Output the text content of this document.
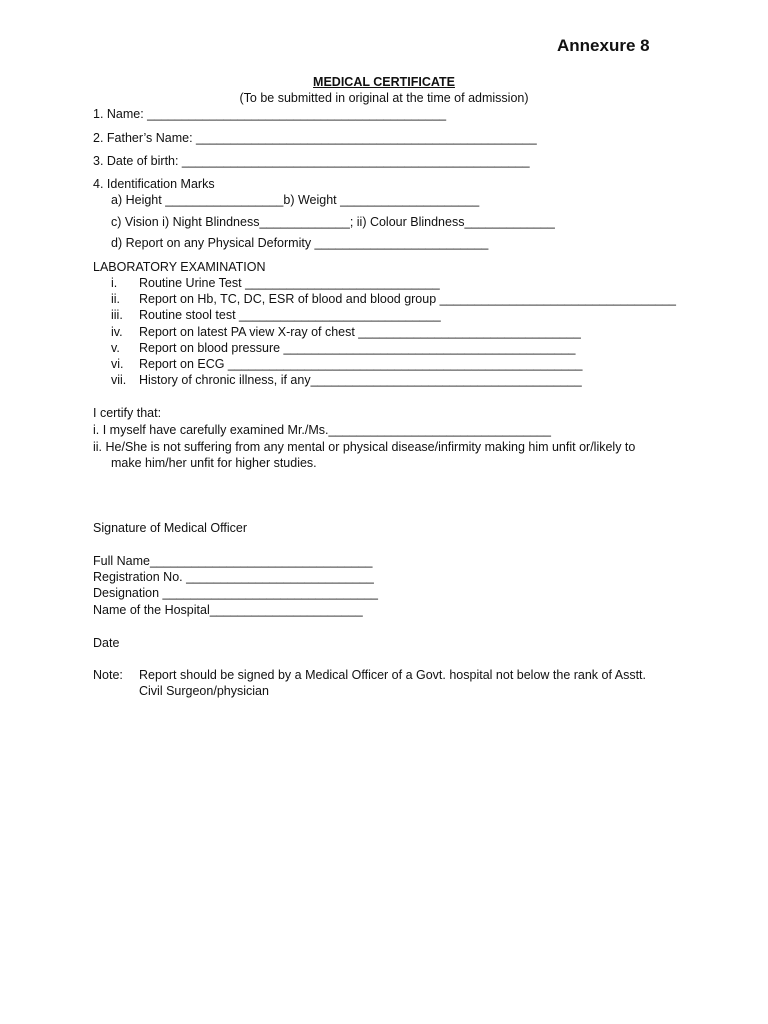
Annexure 8
MEDICAL CERTIFICATE
(To be submitted in original at the time of admission)
1. Name: ___________________________________________
2. Father’s Name: _________________________________________________
3. Date of birth: __________________________________________________
4. Identification Marks
a) Height _________________b) Weight ____________________
c) Vision i) Night Blindness_____________; ii) Colour Blindness_____________
d) Report on any Physical Deformity _________________________
LABORATORY EXAMINATION
i. Routine Urine Test ____________________________
ii. Report on Hb, TC, DC, ESR of blood and blood group __________________________________
iii. Routine stool test _____________________________
iv. Report on latest PA view X-ray of chest ________________________________
v. Report on blood pressure __________________________________________
vi. Report on ECG ___________________________________________________
vii. History of chronic illness, if any_______________________________________
I certify that:
i. I myself have carefully examined Mr./Ms.________________________________
ii. He/She is not suffering from any mental or physical disease/infirmity making him unfit or/likely to
make him/her unfit for higher studies.
Signature of Medical Officer
Full Name________________________________
Registration No. ___________________________
Designation _______________________________
Name of the Hospital______________________
Date
Note: Report should be signed by a Medical Officer of a Govt. hospital not below the rank of Asstt.
Civil Surgeon/physician
